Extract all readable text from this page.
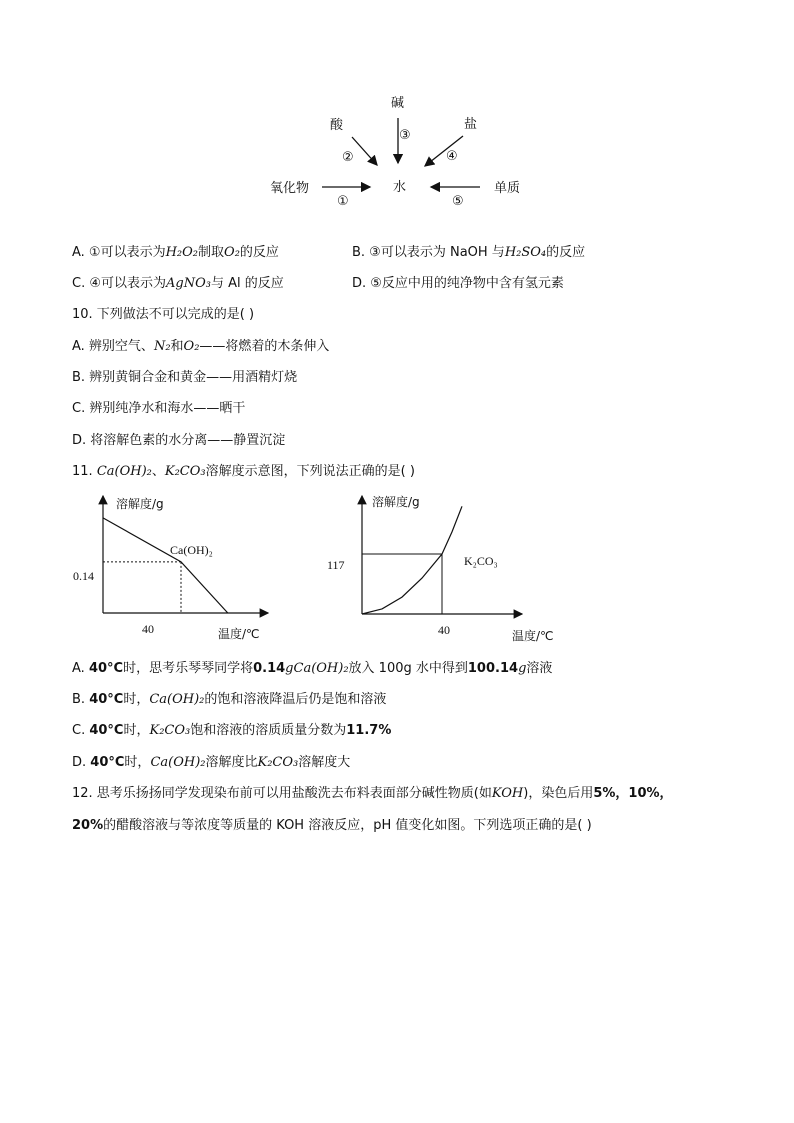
碱
酸	盐
氧化物	单质
水
③
②	④
①	⑤
A. ①可以表示为H₂O₂制取O₂的反应	B. ③可以表示为 NaOH 与H₂SO₄的反应
C. ④可以表示为AgNO₃与 Al 的反应	D. ⑤反应中用的纯净物中含有氢元素
10. 下列做法不可以完成的是( )
A. 辨别空气、N₂和O₂——将燃着的木条伸入
B. 辨别黄铜合金和黄金——用酒精灯烧
C. 辨别纯净水和海水——晒干
D. 将溶解色素的水分离——静置沉淀
11. Ca(OH)₂、K₂CO₃溶解度示意图，下列说法正确的是( )
溶解度/g
温度/℃
Ca(OH)₂
40
0.14
溶解度/g
温度/℃
K₂CO₃
40
117
A. 40°C时，思考乐琴琴同学将0.14gCa(OH)₂放入 100g 水中得到100.14g溶液
B. 40°C时，Ca(OH)₂的饱和溶液降温后仍是饱和溶液
C. 40°C时，K₂CO₃饱和溶液的溶质质量分数为11.7%
D. 40°C时，Ca(OH)₂溶解度比K₂CO₃溶解度大
12. 思考乐扬扬同学发现染布前可以用盐酸洗去布料表面部分碱性物质(如KOH)，染色后用5%，10%，
20%的醋酸溶液与等浓度等质量的 KOH 溶液反应，pH 值变化如图。下列选项正确的是( )
